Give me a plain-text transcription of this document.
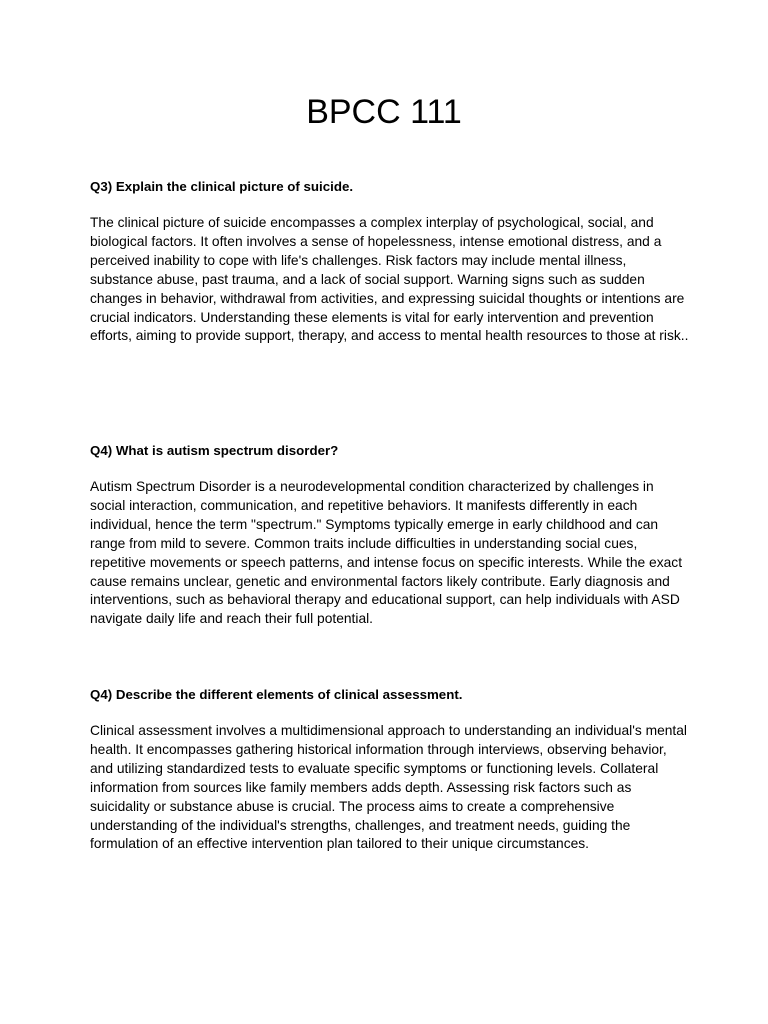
BPCC 111

Q3) Explain the clinical picture of suicide.

The clinical picture of suicide encompasses a complex interplay of psychological, social, and biological factors. It often involves a sense of hopelessness, intense emotional distress, and a perceived inability to cope with life's challenges. Risk factors may include mental illness, substance abuse, past trauma, and a lack of social support. Warning signs such as sudden changes in behavior, withdrawal from activities, and expressing suicidal thoughts or intentions are crucial indicators. Understanding these elements is vital for early intervention and prevention efforts, aiming to provide support, therapy, and access to mental health resources to those at risk..

Q4) What is autism spectrum disorder?

Autism Spectrum Disorder is a neurodevelopmental condition characterized by challenges in social interaction, communication, and repetitive behaviors. It manifests differently in each individual, hence the term "spectrum." Symptoms typically emerge in early childhood and can range from mild to severe. Common traits include difficulties in understanding social cues, repetitive movements or speech patterns, and intense focus on specific interests. While the exact cause remains unclear, genetic and environmental factors likely contribute. Early diagnosis and interventions, such as behavioral therapy and educational support, can help individuals with ASD navigate daily life and reach their full potential.

Q4) Describe the different elements of clinical assessment.

Clinical assessment involves a multidimensional approach to understanding an individual's mental health. It encompasses gathering historical information through interviews, observing behavior, and utilizing standardized tests to evaluate specific symptoms or functioning levels. Collateral information from sources like family members adds depth. Assessing risk factors such as suicidality or substance abuse is crucial. The process aims to create a comprehensive understanding of the individual's strengths, challenges, and treatment needs, guiding the formulation of an effective intervention plan tailored to their unique circumstances.
